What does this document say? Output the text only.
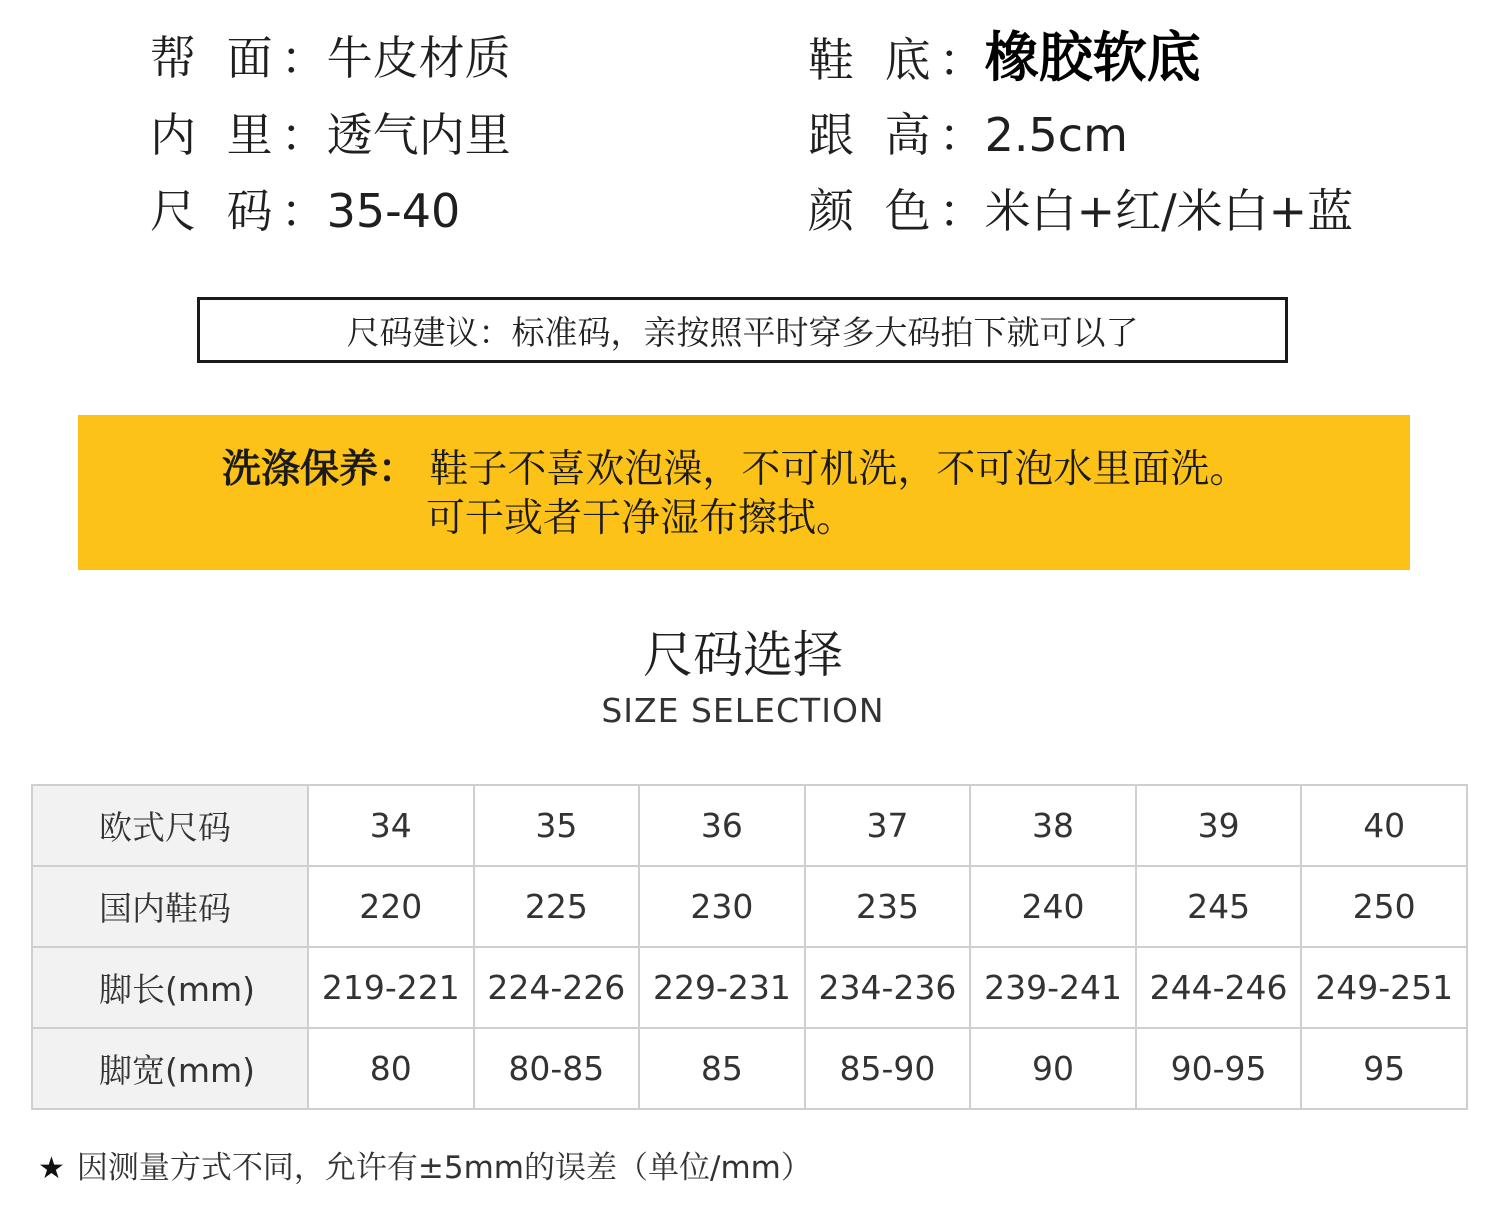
帮 面：牛皮材质	鞋 底：橡胶软底
内 里：透气内里	跟 高：2.5cm
尺 码：35-40	颜 色：米白+红/米白+蓝
尺码建议：标准码，亲按照平时穿多大码拍下就可以了
洗涤保养： 鞋子不喜欢泡澡，不可机洗，不可泡水里面洗。
可干或者干净湿布擦拭。
尺码选择
SIZE SELECTION
欧式尺码	34	35	36	37	38	39	40
国内鞋码	220	225	230	235	240	245	250
脚长(mm)	219-221	224-226	229-231	234-236	239-241	244-246	249-251
脚宽(mm)	80	80-85	85	85-90	90	90-95	95
★ 因测量方式不同，允许有±5mm的误差（单位/mm）
